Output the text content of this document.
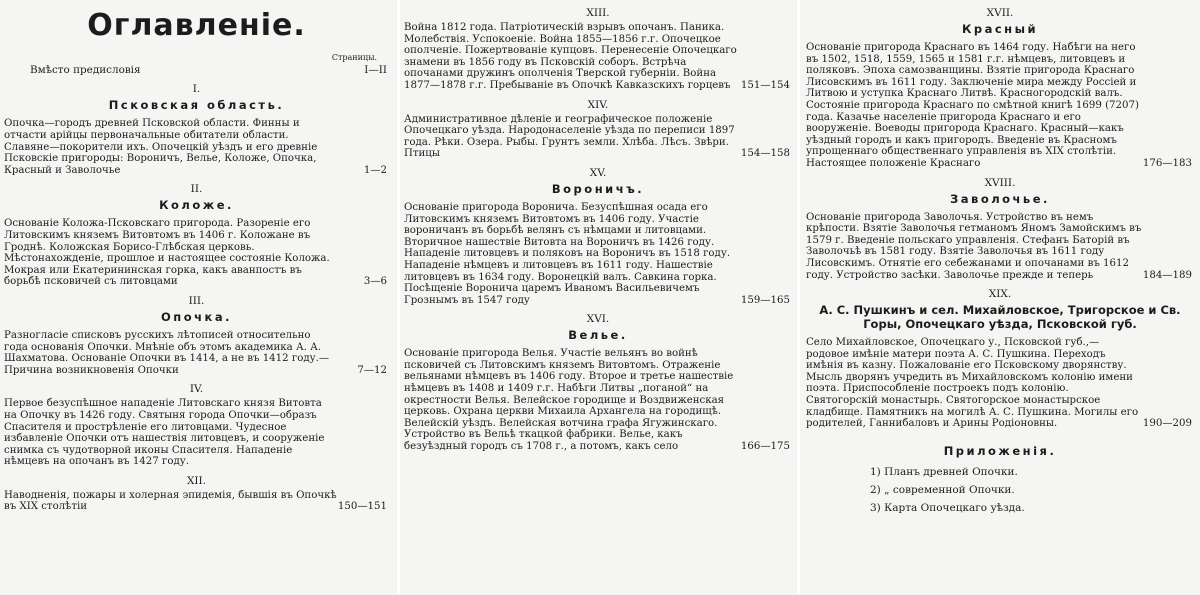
Оглавленіе.
Страницы.
Вмѣсто предисловія	I—II
I.
Псковская область.
Опочка—городъ древней Псковской области. Финны и отчасти арійцы первоначальные обитатели области. Славяне—покорители ихъ. Опочецкій уѣздъ и его древніе Псковскіе пригороды: Вороничъ, Велье, Коложе, Опочка, Красный и Заволочье	1—2
II.
Коложе.
Основаніе Коложа-Псковскаго пригорода. Разореніе его Литовскимъ княземъ Витовтомъ въ 1406 г. Коложане въ Гроднѣ. Коложская Борисо-Глѣбская церковь. Мѣстонахожденіе, прошлое и настоящее состояніе Коложа. Мокрая или Екатерининская горка, какъ аванпостъ въ борьбѣ псковичей съ литовцами	3—6
III.
Опочка.
Разногласіе списковъ русскихъ лѣтописей относительно года основанія Опочки. Мнѣніе объ этомъ академика А. А. Шахматова. Основаніе Опочки въ 1414, а не въ 1412 году.—Причина возникновенія Опочки	7—12
IV.
Первое безуспѣшное нападеніе Литовскаго князя Витовта на Опочку въ 1426 году. Святыня города Опочки—образъ Спасителя и прострѣленіе его литовцами. Чудесное избавленіе Опочки отъ нашествія литовцевъ, и сооруженіе снимка съ чудотворной иконы Спасителя. Нападеніе нѣмцевъ на опочанъ въ 1427 году.
XII.
Наводненія, пожары и холерная эпидемія, бывшія въ Опочкѣ въ XIX столѣтіи	150—151
XIII.
Война 1812 года. Патріотическій взрывъ опочанъ. Паника. Молебствія. Успокоеніе. Война 1855—1856 г.г. Опочецкое ополченіе. Пожертвованіе купцовъ. Перенесеніе Опочецкаго знамени въ 1856 году въ Псковскій соборъ. Встрѣча опочанами дружинъ ополченія Тверской губерніи. Война 1877—1878 г.г. Пребываніе въ Опочкѣ Кавказскихъ горцевъ	151—154
XIV.
Административное дѣленіе и географическое положеніе Опочецкаго уѣзда. Народонаселеніе уѣзда по переписи 1897 года. Рѣки. Озера. Рыбы. Грунтъ земли. Хлѣба. Лѣсъ. Звѣри. Птицы	154—158
XV.
Вороничъ.
Основаніе пригорода Воронича. Безуспѣшная осада его Литовскимъ княземъ Витовтомъ въ 1406 году. Участіе вороничанъ въ борьбѣ велянъ съ нѣмцами и литовцами. Вторичное нашествіе Витовта на Вороничъ въ 1426 году. Нападеніе литовцевъ и поляковъ на Вороничъ въ 1518 году. Нападеніе нѣмцевъ и литовцевъ въ 1611 году. Нашествіе литовцевъ въ 1634 году. Воронецкій валъ. Савкина горка. Посѣщеніе Воронича царемъ Иваномъ Васильевичемъ Грознымъ въ 1547 году	159—165
XVI.
Велье.
Основаніе пригорода Велья. Участіе вельянъ во войнѣ псковичей съ Литовскимъ княземъ Витовтомъ. Отраженіе вельянами нѣмцевъ въ 1406 году. Второе и третье нашествіе нѣмцевъ въ 1408 и 1409 г.г. Набѣги Литвы „поганой“ на окрестности Велья. Велейское городище и Воздвиженская церковь. Охрана церкви Михаила Архангела на городищѣ. Велейскій уѣздъ. Велейская вотчина графа Ягужинскаго. Устройство въ Вельѣ ткацкой фабрики. Велье, какъ безуѣздный городъ съ 1708 г., а потомъ, какъ село	166—175
XVII.
Красный
Основаніе пригорода Краснаго въ 1464 году. Набѣги на него въ 1502, 1518, 1559, 1565 и 1581 г.г. нѣмцевъ, литовцевъ и поляковъ. Эпоха самозванщины. Взятіе пригорода Краснаго Лисовскимъ въ 1611 году. Заключеніе мира между Россіей и Литвою и уступка Краснаго Литвѣ. Красногородскій валъ. Состояніе пригорода Краснаго по смѣтной книгѣ 1699 (7207) года. Казачье населеніе пригорода Краснаго и его вооруженіе. Воеводы пригорода Краснаго. Красный—какъ уѣздный городъ и какъ пригородъ. Введеніе въ Красномъ упрощеннаго общественнаго управленія въ XIX столѣтіи. Настоящее положеніе Краснаго	176—183
XVIII.
Заволочье.
Основаніе пригорода Заволочья. Устройство въ немъ крѣпости. Взятіе Заволочья гетманомъ Яномъ Замойскимъ въ 1579 г. Введеніе польскаго управленія. Стефанъ Баторій въ Заволочьѣ въ 1581 году. Взятіе Заволочья въ 1611 году Лисовскимъ. Отнятіе его себежанами и опочанами въ 1612 году. Устройство засѣки. Заволочье прежде и теперь	184—189
XIX.
А. С. Пушкинъ и сел. Михайловское, Тригорское и Св. Горы, Опочецкаго уѣзда, Псковской губ.
Село Михайловское, Опочецкаго у., Псковской губ.,—родовое имѣніе матери поэта А. С. Пушкина. Переходъ имѣнія въ казну. Пожалованіе его Псковскому дворянству. Мысль дворянъ учредить въ Михайловскомъ колонію имени поэта. Приспособленіе построекъ подъ колонію. Святогорскій монастырь. Святогорское монастырское кладбище. Памятникъ на могилѣ А. С. Пушкина. Могилы его родителей, Ганнибаловъ и Арины Родіоновны.	190—209
Приложенія.
1) Планъ древней Опочки.
2) „ современной Опочки.
3) Карта Опочецкаго уѣзда.
